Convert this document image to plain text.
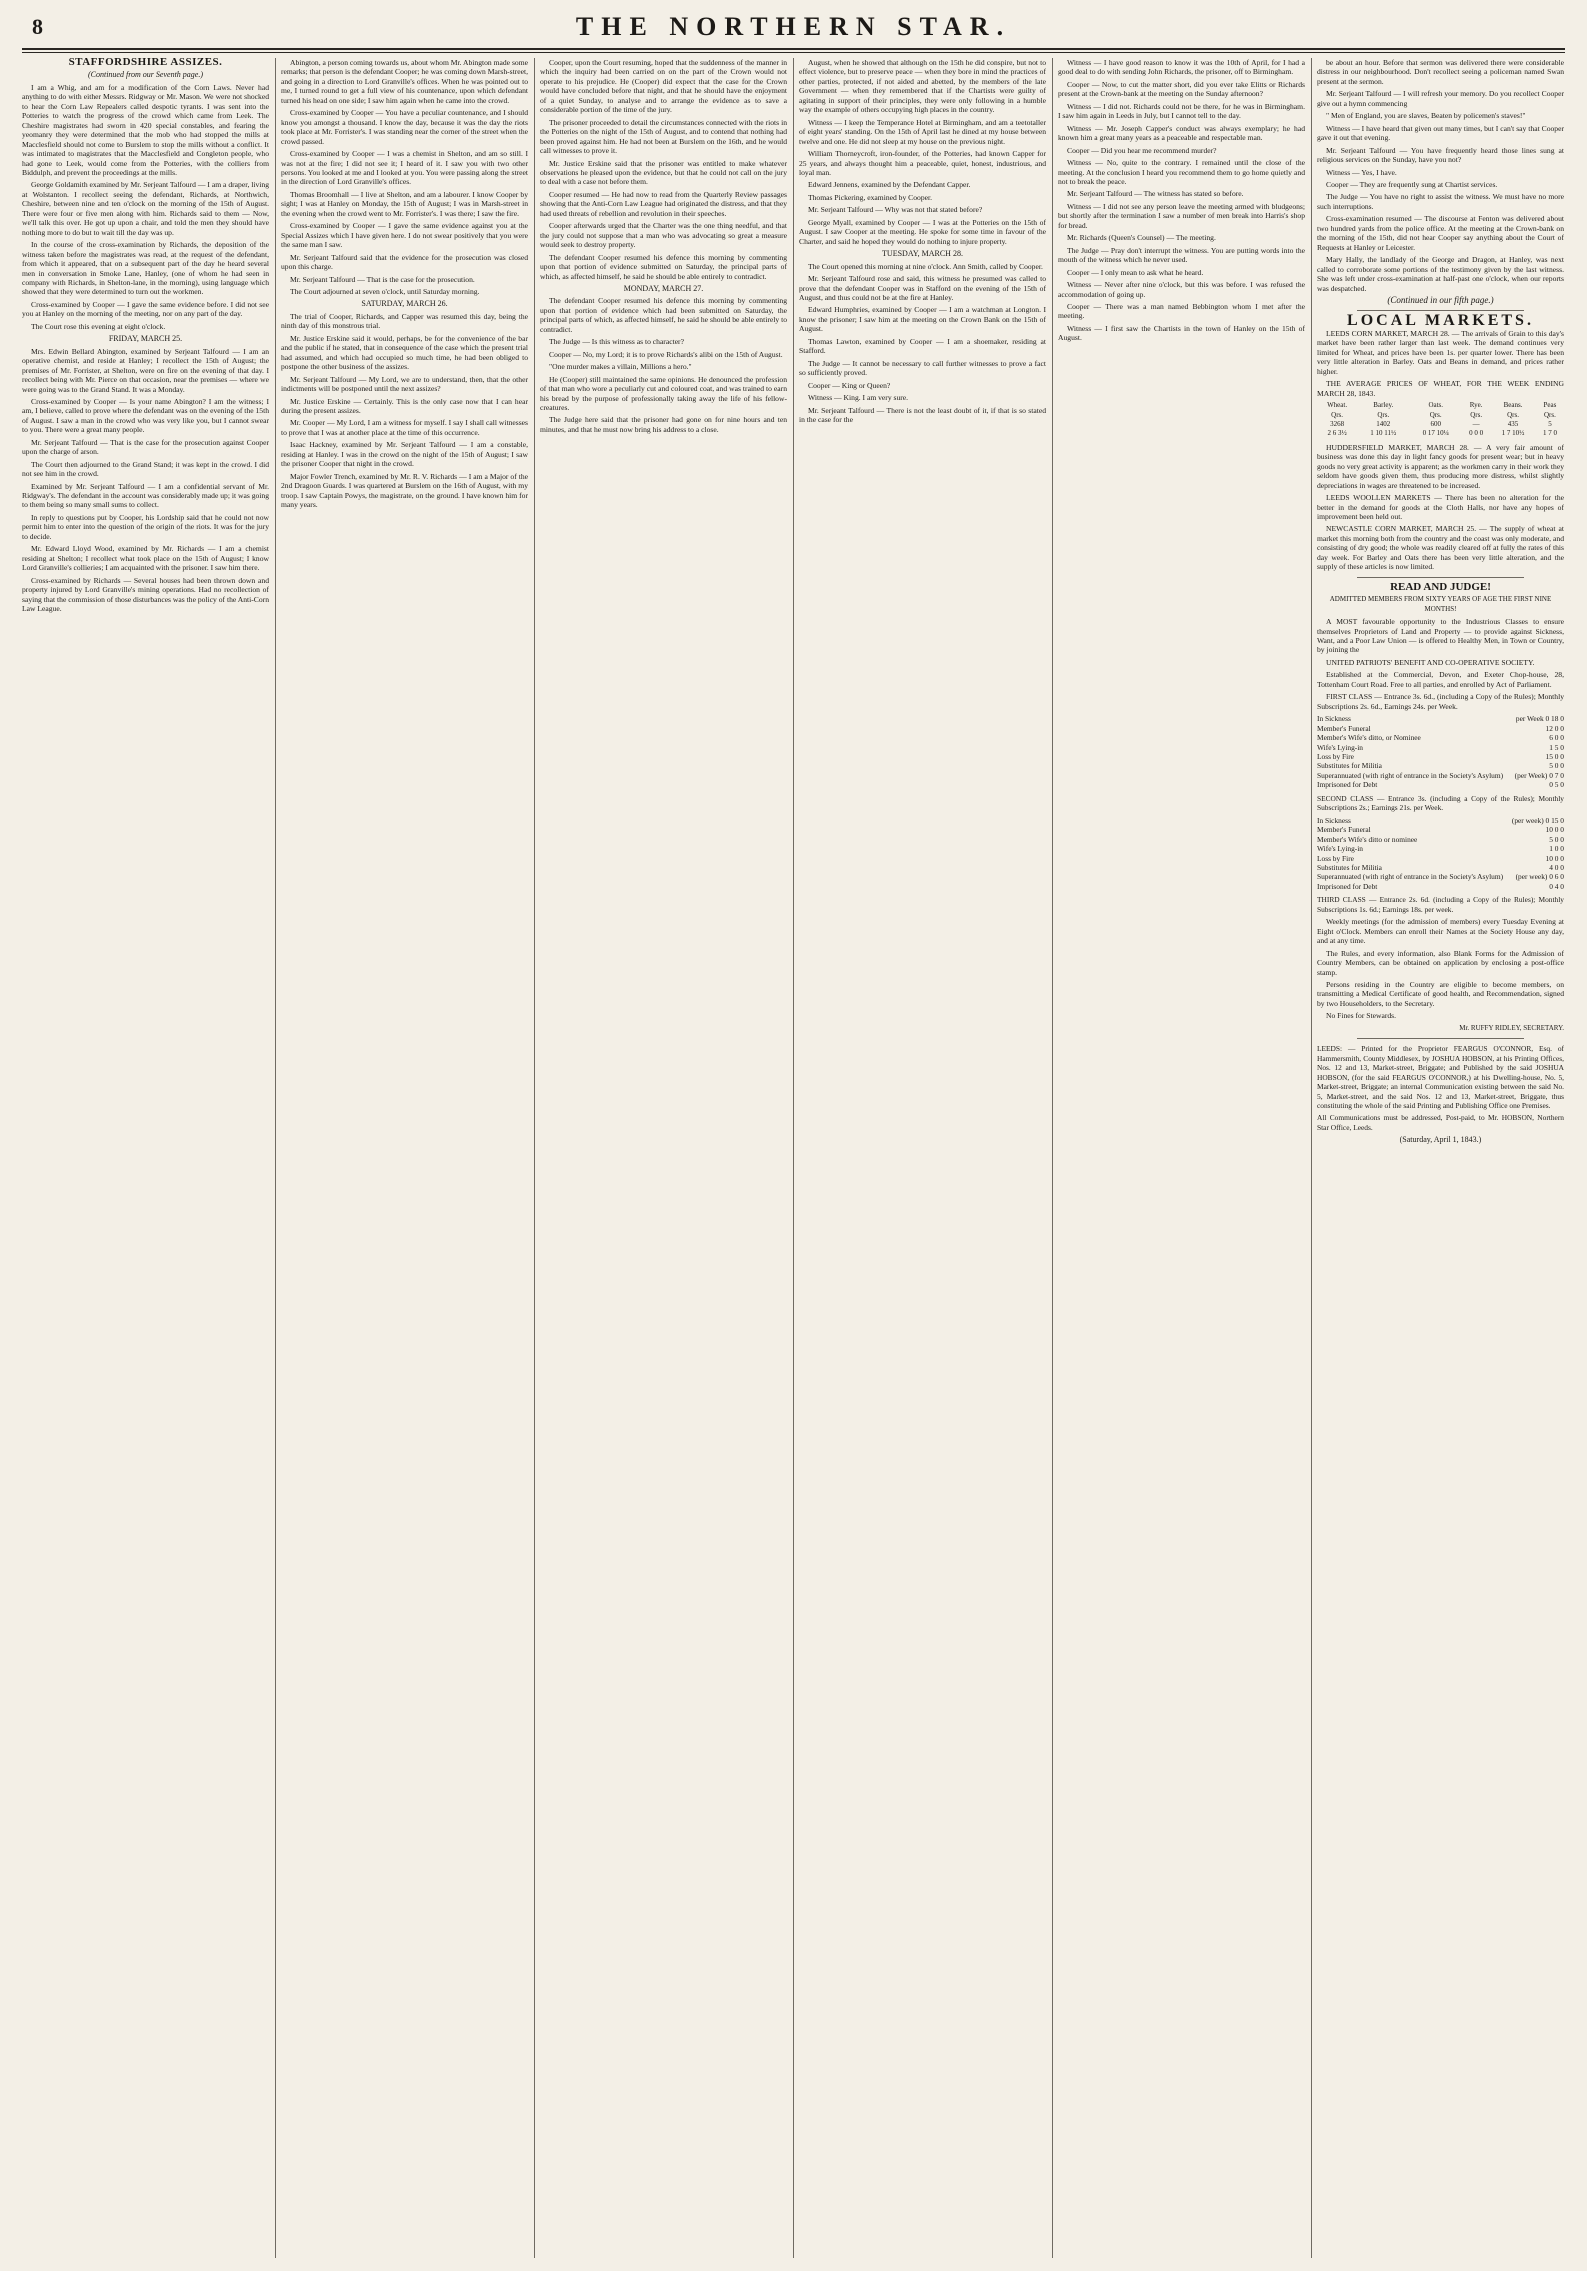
8	THE NORTHERN STAR.

STAFFORDSHIRE ASSIZES.

(Continued from our Seventh page.)

I am a Whig, and am for a modification of the Corn Laws. Never had anything to do with either Messrs. Ridgway or Mr. Mason. We were not shocked to hear the Corn Law Repealers called despotic tyrants. I was sent into the Potteries to watch the progress of the crowd which came from Leek. The Cheshire magistrates had sworn in 420 special constables, and fearing the yeomanry they were determined that the mob who had stopped the mills at Macclesfield should not come to Burslem to stop the mills without a conflict. It was intimated to magistrates that the Macclesfield and Congleton people, who had gone to Leek, would come from the Potteries, with the colliers from Biddulph, and prevent the proceedings at the mills.

George Goldamith examined by Mr. Serjeant Talfourd — I am a draper, living at Wolstanton. I recollect seeing the defendant, Richards, at Northwich, Cheshire, between nine and ten o'clock on the morning of the 15th of August. There were four or five men along with him. Richards said to them — Now, we'll talk this over. He got up upon a chair, and told the men they should have nothing more to do but to wait till the day was up.

In the course of the cross-examination by Richards, the deposition of the witness taken before the magistrates was read, at the request of the defendant, from which it appeared, that on a subsequent part of the day he heard several men in conversation in Smoke Lane, Hanley, (one of whom he had seen in company with Richards, in Shelton-lane, in the morning), using language which showed that they were determined to turn out the workmen.

Cross-examined by Cooper — I gave the same evidence before. I did not see you at Hanley on the morning of the meeting, nor on any part of the day.

The Court rose this evening at eight o'clock.

FRIDAY, MARCH 25.

Mrs. Edwin Bellard Abington, examined by Serjeant Talfourd — I am an operative chemist, and reside at Hanley; I recollect the 15th of August; the premises of Mr. Forrister, at Shelton, were on fire on the evening of that day. I recollect being with Mr. Pierce on that occasion, near the premises — where we were going was to the Grand Stand. It was a Monday.

Cross-examined by Cooper — Is your name Abington? I am the witness; I am, I believe, called to prove where the defendant was on the evening of the 15th of August. I saw a man in the crowd who was very like you, but I cannot swear to you. There were a great many people.

Mr. Serjeant Talfourd — That is the case for the prosecution against Cooper upon the charge of arson.

The Court then adjourned to the Grand Stand; it was kept in the crowd. I did not see him in the crowd.

Examined by Mr. Serjeant Talfourd — I am a confidential servant of Mr. Ridgway's. The defendant in the account was considerably made up; it was going to them being so many small sums to collect.

In reply to questions put by Cooper, his Lordship said that he could not now permit him to enter into the question of the origin of the riots. It was for the jury to decide.

Mr. Edward Lloyd Wood, examined by Mr. Richards — I am a chemist residing at Shelton; I recollect what took place on the 15th of August; I know Lord Granville's collieries; I am acquainted with the prisoner. I saw him there.

Cross-examined by Richards — Several houses had been thrown down and property injured by Lord Granville's mining operations. Had no recollection of saying that the commission of those disturbances was the policy of the Anti-Corn Law League.

Abington, a person coming towards us, about whom Mr. Abington made some remarks; that person is the defendant Cooper; he was coming down Marsh-street, and going in a direction to Lord Granville's offices. When he was pointed out to me, I turned round to get a full view of his countenance, upon which defendant turned his head on one side; I saw him again when he came into the crowd.

Cross-examined by Cooper — You have a peculiar countenance, and I should know you amongst a thousand. I know the day, because it was the day the riots took place at Mr. Forrister's. I was standing near the corner of the street when the crowd passed.

Cross-examined by Cooper — I was a chemist in Shelton, and am so still. I was not at the fire; I did not see it; I heard of it. I saw you with two other persons. You looked at me and I looked at you. You were passing along the street in the direction of Lord Granville's offices.

Thomas Broomhall — I live at Shelton, and am a labourer. I know Cooper by sight; I was at Hanley on Monday, the 15th of August; I was in Marsh-street in the evening when the crowd went to Mr. Forrister's. I was there; I saw the fire.

Cross-examined by Cooper — I gave the same evidence against you at the Special Assizes which I have given here. I do not swear positively that you were the same man I saw.

Mr. Serjeant Talfourd said that the evidence for the prosecution was closed upon this charge.

Mr. Serjeant Talfourd — That is the case for the prosecution.

The Court adjourned at seven o'clock, until Saturday morning.

SATURDAY, MARCH 26.

The trial of Cooper, Richards, and Capper was resumed this day, being the ninth day of this monstrous trial.

Mr. Justice Erskine said it would, perhaps, be for the convenience of the bar and the public if he stated, that in consequence of the case which the present trial had assumed, and which had occupied so much time, he had been obliged to postpone the other business of the assizes.

Mr. Serjeant Talfourd — My Lord, we are to understand, then, that the other indictments will be postponed until the next assizes?

Mr. Justice Erskine — Certainly. This is the only case now that I can hear during the present assizes.

Mr. Cooper — My Lord, I am a witness for myself. I say I shall call witnesses to prove that I was at another place at the time of this occurrence.

Isaac Hackney, examined by Mr. Serjeant Talfourd — I am a constable, residing at Hanley. I was in the crowd on the night of the 15th of August; I saw the prisoner Cooper that night in the crowd.

Major Fowler Trench, examined by Mr. R. V. Richards — I am a Major of the 2nd Dragoon Guards. I was quartered at Burslem on the 16th of August, with my troop. I saw Captain Powys, the magistrate, on the ground. I have known him for many years.

Cooper, upon the Court resuming, hoped that the suddenness of the manner in which the inquiry had been carried on on the part of the Crown would not operate to his prejudice. He (Cooper) did expect that the case for the Crown would have concluded before that night, and that he should have the enjoyment of a quiet Sunday, to analyse and to arrange the evidence as to save a considerable portion of the time of the jury.

The prisoner proceeded to detail the circumstances connected with the riots in the Potteries on the night of the 15th of August, and to contend that nothing had been proved against him. He had not been at Burslem on the 16th, and he would call witnesses to prove it.

Mr. Justice Erskine said that the prisoner was entitled to make whatever observations he pleased upon the evidence, but that he could not call on the jury to deal with a case not before them.

Cooper resumed — He had now to read from the Quarterly Review passages showing that the Anti-Corn Law League had originated the distress, and that they had used threats of rebellion and revolution in their speeches.

Cooper afterwards urged that the Charter was the one thing needful, and that the jury could not suppose that a man who was advocating so great a measure would seek to destroy property.

The defendant Cooper resumed his defence this morning by commenting upon that portion of evidence submitted on Saturday, the principal parts of which, as affected himself, he said he should be able entirely to contradict.

MONDAY, MARCH 27.

The defendant Cooper resumed his defence this morning by commenting upon that portion of evidence which had been submitted on Saturday, the principal parts of which, as affected himself, he said he should be able entirely to contradict.

The Judge — Is this witness as to character?

Cooper — No, my Lord; it is to prove Richards's alibi on the 15th of August.

"One murder makes a villain, Millions a hero."

He (Cooper) still maintained the same opinions. He denounced the profession of that man who wore a peculiarly cut and coloured coat, and was trained to earn his bread by the purpose of professionally taking away the life of his fellow-creatures.

The Judge here said that the prisoner had gone on for nine hours and ten minutes, and that he must now bring his address to a close.

August, when he showed that although on the 15th he did conspire, but not to effect violence, but to preserve peace — when they bore in mind the practices of other parties, protected, if not aided and abetted, by the members of the late Government — when they remembered that if the Chartists were guilty of agitating in support of their principles, they were only following in a humble way the example of others occupying high places in the country.

Witness — I keep the Temperance Hotel at Birmingham, and am a teetotaller of eight years' standing. On the 15th of April last he dined at my house between twelve and one. He did not sleep at my house on the previous night.

William Thorneycroft, iron-founder, of the Potteries, had known Capper for 25 years, and always thought him a peaceable, quiet, honest, industrious, and loyal man.

Edward Jennens, examined by the Defendant Capper.

Thomas Pickering, examined by Cooper.

Mr. Serjeant Talfourd — Why was not that stated before?

George Myall, examined by Cooper — I was at the Potteries on the 15th of August. I saw Cooper at the meeting. He spoke for some time in favour of the Charter, and said he hoped they would do nothing to injure property.

TUESDAY, MARCH 28.

The Court opened this morning at nine o'clock. Ann Smith, called by Cooper.

Mr. Serjeant Talfourd rose and said, this witness he presumed was called to prove that the defendant Cooper was in Stafford on the evening of the 15th of August, and thus could not be at the fire at Hanley.

Edward Humphries, examined by Cooper — I am a watchman at Longton. I know the prisoner; I saw him at the meeting on the Crown Bank on the 15th of August.

Thomas Lawton, examined by Cooper — I am a shoemaker, residing at Stafford.

The Judge — It cannot be necessary to call further witnesses to prove a fact so sufficiently proved.

Cooper — King or Queen?

Witness — King. I am very sure.

Mr. Serjeant Talfourd — There is not the least doubt of it, if that is so stated in the case for the

Witness — I have good reason to know it was the 10th of April, for I had a good deal to do with sending John Richards, the prisoner, off to Birmingham.

Cooper — Now, to cut the matter short, did you ever take Elitts or Richards present at the Crown-bank at the meeting on the Sunday afternoon?

Witness — I did not. Richards could not be there, for he was in Birmingham. I saw him again in Leeds in July, but I cannot tell to the day.

Witness — Mr. Joseph Capper's conduct was always exemplary; he had known him a great many years as a peaceable and respectable man.

Cooper — Did you hear me recommend murder?

Witness — No, quite to the contrary. I remained until the close of the meeting. At the conclusion I heard you recommend them to go home quietly and not to break the peace.

Mr. Serjeant Talfourd — The witness has stated so before.

Witness — I did not see any person leave the meeting armed with bludgeons; but shortly after the termination I saw a number of men break into Harris's shop for bread.

Mr. Richards (Queen's Counsel) — The meeting.

The Judge — Pray don't interrupt the witness. You are putting words into the mouth of the witness which he never used.

Cooper — I only mean to ask what he heard.

Witness — Never after nine o'clock, but this was before. I was refused the accommodation of going up.

Cooper — There was a man named Bebbington whom I met after the meeting.

Witness — I first saw the Chartists in the town of Hanley on the 15th of August.

be about an hour. Before that sermon was delivered there were considerable distress in our neighbourhood. Don't recollect seeing a policeman named Swan present at the sermon.

Mr. Serjeant Talfourd — I will refresh your memory. Do you recollect Cooper give out a hymn commencing

" Men of England, you are slaves, Beaten by policemen's staves!"

Witness — I have heard that given out many times, but I can't say that Cooper gave it out that evening.

Mr. Serjeant Talfourd — You have frequently heard those lines sung at religious services on the Sunday, have you not?

Witness — Yes, I have.

Cooper — They are frequently sung at Chartist services.

The Judge — You have no right to assist the witness. We must have no more such interruptions.

Cross-examination resumed — The discourse at Fenton was delivered about two hundred yards from the police office. At the meeting at the Crown-bank on the morning of the 15th, did not hear Cooper say anything about the Court of Requests at Hanley or Leicester.

Mary Hally, the landlady of the George and Dragon, at Hanley, was next called to corroborate some portions of the testimony given by the last witness. She was left under cross-examination at half-past one o'clock, when our reports was despatched.

(Continued in our fifth page.)

LOCAL MARKETS.

LEEDS CORN MARKET, MARCH 28. — The arrivals of Grain to this day's market have been rather larger than last week. The demand continues very limited for Wheat, and prices have been 1s. per quarter lower. There has been very little alteration in Barley. Oats and Beans in demand, and prices rather higher.

THE AVERAGE PRICES OF WHEAT, FOR THE WEEK ENDING MARCH 28, 1843.

Wheat.	Barley.	Oats.	Rye.	Beans.	Peas
Qrs.	Qrs.	Qrs.	Qrs.	Qrs.	Qrs.
3268	1402	600	—	435	5
2 6 3½	1 10 11½	0 17 10¼	0 0 0	1 7 10½	1 7 0

HUDDERSFIELD MARKET, MARCH 28. — A very fair amount of business was done this day in light fancy goods for present wear; but in heavy goods no very great activity is apparent; as the workmen carry in their work they seldom have goods given them, thus producing more distress, whilst slightly depreciations in wages are threatened to be increased.

LEEDS WOOLLEN MARKETS — There has been no alteration for the better in the demand for goods at the Cloth Halls, nor have any hopes of improvement been held out.

NEWCASTLE CORN MARKET, MARCH 25. — The supply of wheat at market this morning both from the country and the coast was only moderate, and consisting of dry good; the whole was readily cleared off at fully the rates of this day week. For Barley and Oats there has been very little alteration, and the supply of these articles is now limited.

READ AND JUDGE!

ADMITTED MEMBERS FROM SIXTY YEARS OF AGE THE FIRST NINE MONTHS!

A MOST favourable opportunity to the Industrious Classes to ensure themselves Proprietors of Land and Property — to provide against Sickness, Want, and a Poor Law Union — is offered to Healthy Men, in Town or Country, by joining the

UNITED PATRIOTS' BENEFIT AND CO-OPERATIVE SOCIETY.

Established at the Commercial, Devon, and Exeter Chop-house, 28, Tottenham Court Road. Free to all parties, and enrolled by Act of Parliament.

FIRST CLASS — Entrance 3s. 6d., (including a Copy of the Rules); Monthly Subscriptions 2s. 6d., Earnings 24s. per Week.

In Sickness	per Week 0 18 0
Member's Funeral	12 0 0
Member's Wife's ditto, or Nominee	6 0 0
Wife's Lying-in	1 5 0
Loss by Fire	15 0 0
Substitutes for Militia	5 0 0
Superannuated (with right of entrance in the Society's Asylum)	(per Week) 0 7 0
Imprisoned for Debt	0 5 0

SECOND CLASS — Entrance 3s. (including a Copy of the Rules); Monthly Subscriptions 2s.; Earnings 21s. per Week.

In Sickness	(per week) 0 15 0
Member's Funeral	10 0 0
Member's Wife's ditto or nominee	5 0 0
Wife's Lying-in	1 0 0
Loss by Fire	10 0 0
Substitutes for Militia	4 0 0
Superannuated (with right of entrance in the Society's Asylum)	(per week) 0 6 0
Imprisoned for Debt	0 4 0

THIRD CLASS — Entrance 2s. 6d. (including a Copy of the Rules); Monthly Subscriptions 1s. 6d.; Earnings 18s. per week.

Weekly meetings (for the admission of members) every Tuesday Evening at Eight o'Clock. Members can enroll their Names at the Society House any day, and at any time.

The Rules, and every information, also Blank Forms for the Admission of Country Members, can be obtained on application by enclosing a post-office stamp.

Persons residing in the Country are eligible to become members, on transmitting a Medical Certificate of good health, and Recommendation, signed by two Householders, to the Secretary.

No Fines for Stewards.

Mr. RUFFY RIDLEY, SECRETARY.

LEEDS: — Printed for the Proprietor FEARGUS O'CONNOR, Esq. of Hammersmith, County Middlesex, by JOSHUA HOBSON, at his Printing Offices, Nos. 12 and 13, Market-street, Briggate; and Published by the said JOSHUA HOBSON, (for the said FEARGUS O'CONNOR,) at his Dwelling-house, No. 5, Market-street, Briggate; an internal Communication existing between the said No. 5, Market-street, and the said Nos. 12 and 13, Market-street, Briggate, thus constituting the whole of the said Printing and Publishing Office one Premises.

All Communications must be addressed, Post-paid, to Mr. HOBSON, Northern Star Office, Leeds.

(Saturday, April 1, 1843.)
